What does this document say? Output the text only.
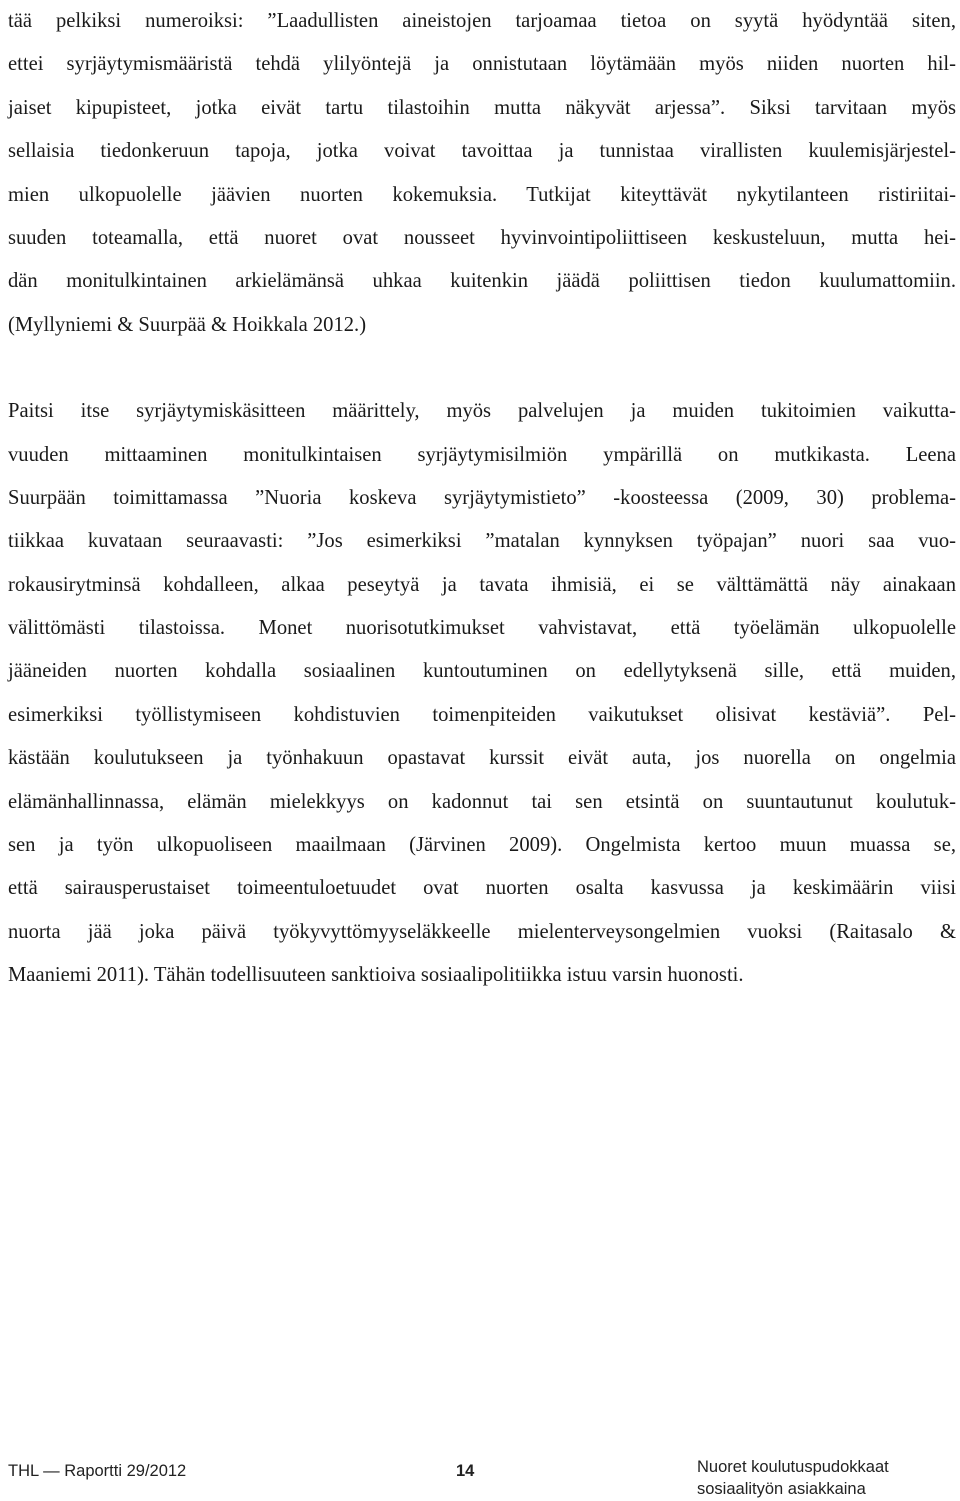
tää pelkiksi numeroiksi: ”Laadullisten aineistojen tarjoamaa tietoa on syytä hyödyntää siten,
ettei syrjäytymismääristä tehdä ylilyöntejä ja onnistutaan löytämään myös niiden nuorten hil-
jaiset kipupisteet, jotka eivät tartu tilastoihin mutta näkyvät arjessa”. Siksi tarvitaan myös
sellaisia tiedonkeruun tapoja, jotka voivat tavoittaa ja tunnistaa virallisten kuulemisjärjestel-
mien ulkopuolelle jäävien nuorten kokemuksia. Tutkijat kiteyttävät nykytilanteen ristiriitai-
suuden toteamalla, että nuoret ovat nousseet hyvinvointipoliittiseen keskusteluun, mutta hei-
dän monitulkintainen arkielämänsä uhkaa kuitenkin jäädä poliittisen tiedon kuulumattomiin.
(Myllyniemi & Suurpää & Hoikkala 2012.)
Paitsi itse syrjäytymiskäsitteen määrittely, myös palvelujen ja muiden tukitoimien vaikutta-
vuuden mittaaminen monitulkintaisen syrjäytymisilmiön ympärillä on mutkikasta. Leena
Suurpään toimittamassa ”Nuoria koskeva syrjäytymistieto” -koosteessa (2009, 30) problema-
tiikkaa kuvataan seuraavasti: ”Jos esimerkiksi ”matalan kynnyksen työpajan” nuori saa vuo-
rokausirytminsä kohdalleen, alkaa peseytyä ja tavata ihmisiä, ei se välttämättä näy ainakaan
välittömästi tilastoissa. Monet nuorisotutkimukset vahvistavat, että työelämän ulkopuolelle
jääneiden nuorten kohdalla sosiaalinen kuntoutuminen on edellytyksenä sille, että muiden,
esimerkiksi työllistymiseen kohdistuvien toimenpiteiden vaikutukset olisivat kestäviä”. Pel-
kästään koulutukseen ja työnhakuun opastavat kurssit eivät auta, jos nuorella on ongelmia
elämänhallinnassa, elämän mielekkyys on kadonnut tai sen etsintä on suuntautunut koulutuk-
sen ja työn ulkopuoliseen maailmaan (Järvinen 2009). Ongelmista kertoo muun muassa se,
että sairausperustaiset toimeentuloetuudet ovat nuorten osalta kasvussa ja keskimäärin viisi
nuorta jää joka päivä työkyvyttömyyseläkkeelle mielenterveysongelmien vuoksi (Raitasalo &
Maaniemi 2011). Tähän todellisuuteen sanktioiva sosiaalipolitiikka istuu varsin huonosti.
THL — Raportti 29/2012	14	Nuoret koulutuspudokkaat
sosiaalityön asiakkaina
